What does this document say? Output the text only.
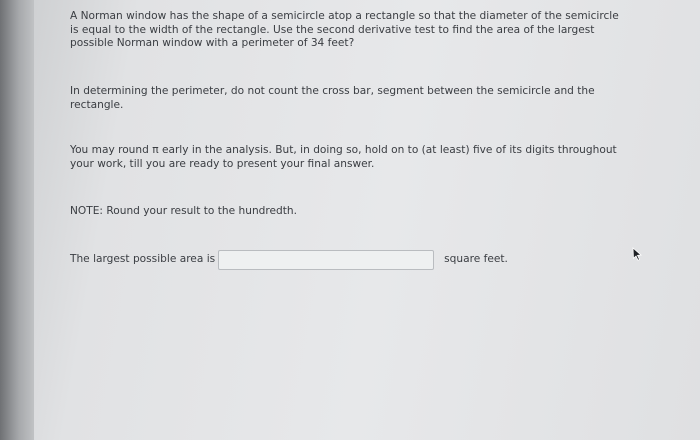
A Norman window has the shape of a semicircle atop a rectangle so that the diameter of the semicircle is equal to the width of the rectangle. Use the second derivative test to find the area of the largest possible Norman window with a perimeter of 34 feet?

In determining the perimeter, do not count the cross bar, segment between the semicircle and the rectangle.

You may round π early in the analysis. But, in doing so, hold on to (at least) five of its digits throughout your work, till you are ready to present your final answer.

NOTE: Round your result to the hundredth.

The largest possible area is	square feet.
